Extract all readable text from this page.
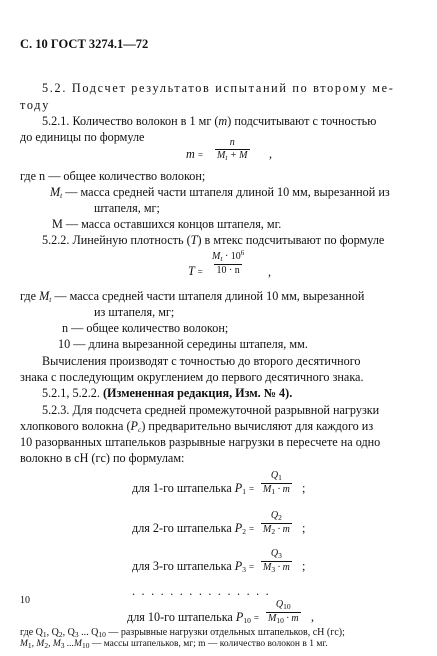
С. 10 ГОСТ 3274.1—72
5.2. Подсчет результатов испытаний по второму ме-
тоду
5.2.1. Количество волокон в 1 мг (m) подсчитывают с точностью
до единицы по формуле
$m = \frac{n}{M_t + M}$ ,
где n — общее количество волокон;
$M_t$ — масса средней части штапеля длиной 10 мм, вырезанной из
штапеля, мг;
M — масса оставшихся концов штапеля, мг.
5.2.2. Линейную плотность (T) в мтекс подсчитывают по формуле
$T = \frac{M_t \cdot 10^6}{10 \cdot n}$ ,
где $M_t$ — масса средней части штапеля длиной 10 мм, вырезанной
из штапеля, мг;
n — общее количество волокон;
10 — длина вырезанной середины штапеля, мм.
Вычисления производят с точностью до второго десятичного
знака с последующим округлением до первого десятичного знака.
5.2.1, 5.2.2. (Измененная редакция, Изм. № 4).
5.2.3. Для подсчета средней промежуточной разрывной нагрузки
хлопкового волокна $(P_c)$ предварительно вычисляют для каждого из
10 разорванных штапельков разрывные нагрузки в пересчете на одно
волокно в сН (гс) по формулам:
для 1-го штапелька $P_1 = \frac{Q_1}{M_1 \cdot m}$ ;
для 2-го штапелька $P_2 = \frac{Q_2}{M_2 \cdot m}$ ;
для 3-го штапелька $P_3 = \frac{Q_3}{M_3 \cdot m}$ ;
...............
для 10-го штапелька $P_{10} = \frac{Q_{10}}{M_{10} \cdot m}$ ,
где $Q_1$, $Q_2$, $Q_3$ ... $Q_{10}$ — разрывные нагрузки отдельных штапельков, сН (гс);
$M_1$, $M_2$, $M_3$ $...M_{10}$ — массы штапельков, мг; m — количество волокон в 1 мг.
10
